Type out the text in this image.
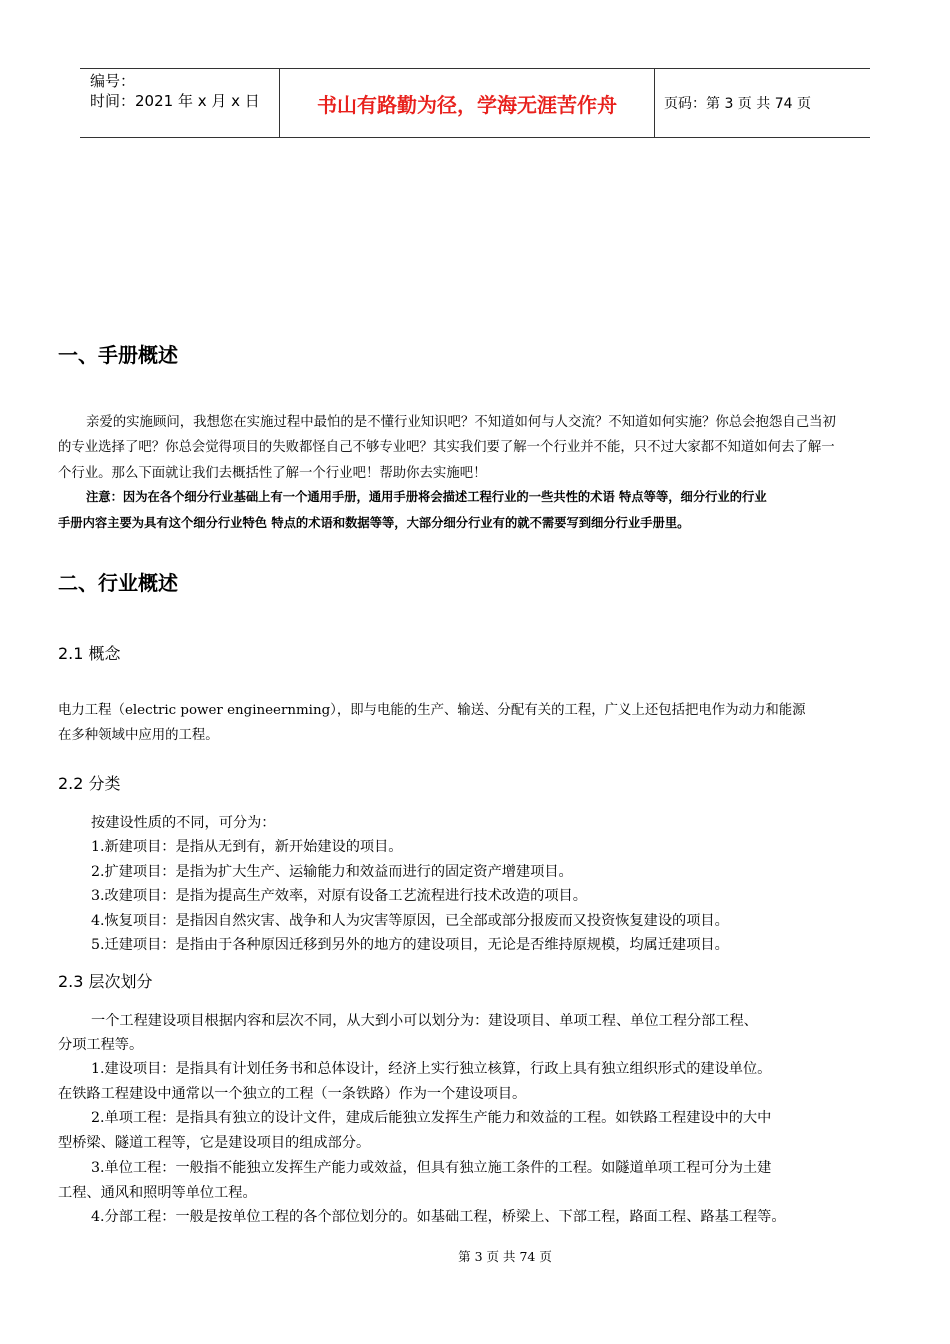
编号：
时间：2021 年 x 月 x 日	书山有路勤为径，学海无涯苦作舟	页码：第 3 页 共 74 页
一、手册概述
亲爱的实施顾问，我想您在实施过程中最怕的是不懂行业知识吧？不知道如何与人交流？不知道如何实施？你总会抱怨自己当初
的专业选择了吧？你总会觉得项目的失败都怪自己不够专业吧？其实我们要了解一个行业并不能，只不过大家都不知道如何去了解一
个行业。那么下面就让我们去概括性了解一个行业吧！帮助你去实施吧！
注意：因为在各个细分行业基础上有一个通用手册，通用手册将会描述工程行业的一些共性的术语 特点等等，细分行业的行业
手册内容主要为具有这个细分行业特色 特点的术语和数据等等，大部分细分行业有的就不需要写到细分行业手册里。
二、行业概述
2.1 概念
电力工程（electric power engineernming），即与电能的生产、输送、分配有关的工程，广义上还包括把电作为动力和能源
在多种领域中应用的工程。
2.2 分类
按建设性质的不同，可分为：
1.新建项目：是指从无到有，新开始建设的项目。
2.扩建项目：是指为扩大生产、运输能力和效益而进行的固定资产增建项目。
3.改建项目：是指为提高生产效率，对原有设备工艺流程进行技术改造的项目。
4.恢复项目：是指因自然灾害、战争和人为灾害等原因，已全部或部分报废而又投资恢复建设的项目。
5.迁建项目：是指由于各种原因迁移到另外的地方的建设项目，无论是否维持原规模，均属迁建项目。
2.3 层次划分
一个工程建设项目根据内容和层次不同，从大到小可以划分为：建设项目、单项工程、单位工程分部工程、
分项工程等。
1.建设项目：是指具有计划任务书和总体设计，经济上实行独立核算，行政上具有独立组织形式的建设单位。
在铁路工程建设中通常以一个独立的工程（一条铁路）作为一个建设项目。
2.单项工程：是指具有独立的设计文件，建成后能独立发挥生产能力和效益的工程。如铁路工程建设中的大中
型桥梁、隧道工程等，它是建设项目的组成部分。
3.单位工程：一般指不能独立发挥生产能力或效益，但具有独立施工条件的工程。如隧道单项工程可分为土建
工程、通风和照明等单位工程。
4.分部工程：一般是按单位工程的各个部位划分的。如基础工程，桥梁上、下部工程，路面工程、路基工程等。
第 3 页 共 74 页
